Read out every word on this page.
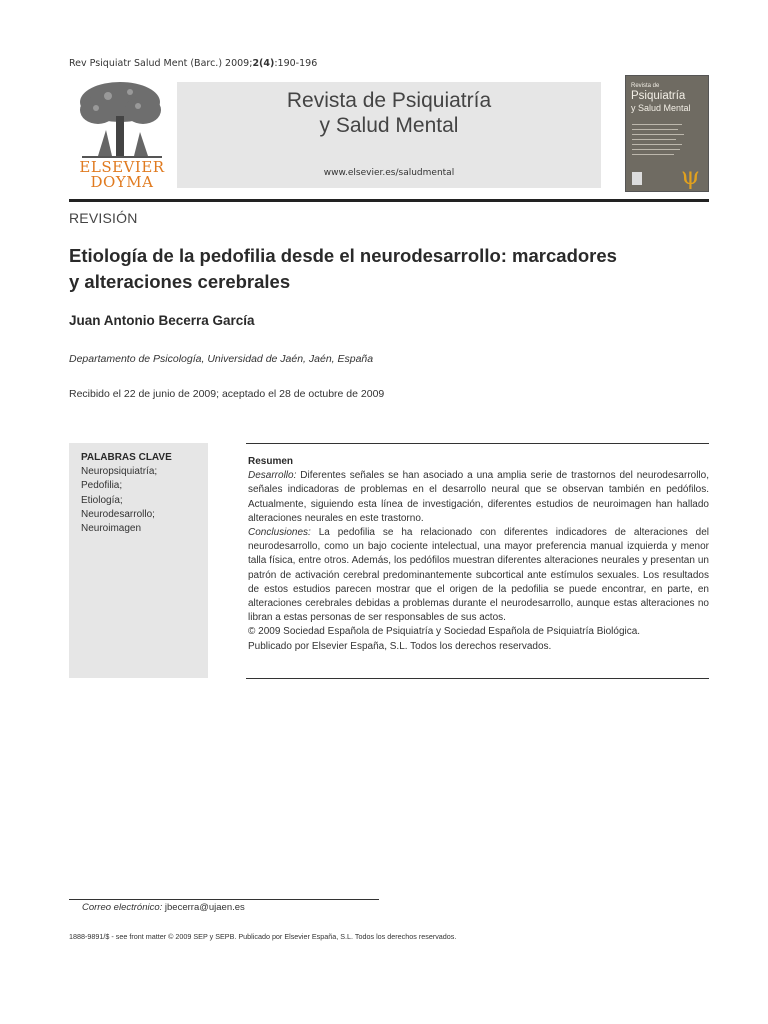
Rev Psiquiatr Salud Ment (Barc.) 2009;2(4):190-196
ELSEVIER
DOYMA
Revista de Psiquiatría
y Salud Mental
www.elsevier.es/saludmental
Revista de
Psiquiatría
y Salud Mental
ψ
REVISIÓN
Etiología de la pedofilia desde el neurodesarrollo: marcadores
y alteraciones cerebrales
Juan Antonio Becerra García
Departamento de Psicología, Universidad de Jaén, Jaén, España
Recibido el 22 de junio de 2009; aceptado el 28 de octubre de 2009
PALABRAS CLAVE
Neuropsiquiatría;
Pedofilia;
Etiología;
Neurodesarrollo;
Neuroimagen
Resumen

Desarrollo: Diferentes señales se han asociado a una amplia serie de trastornos del neurodesarrollo, señales indicadoras de problemas en el desarrollo neural que se observan también en pedófilos. Actualmente, siguiendo esta línea de investigación, diferentes estudios de neuroimagen han hallado alteraciones neurales en este trastorno.

Conclusiones: La pedofilia se ha relacionado con diferentes indicadores de alteraciones del neurodesarrollo, como un bajo cociente intelectual, una mayor preferencia manual izquierda y menor talla física, entre otros. Además, los pedófilos muestran diferentes alteraciones neurales y presentan un patrón de activación cerebral predominantemente subcortical ante estímulos sexuales. Los resultados de estos estudios parecen mostrar que el origen de la pedofilia se puede encontrar, en parte, en alteraciones cerebrales debidas a problemas durante el neurodesarrollo, aunque estas alteraciones no libran a estas personas de ser responsables de sus actos.

© 2009 Sociedad Española de Psiquiatría y Sociedad Española de Psiquiatría Biológica.

Publicado por Elsevier España, S.L. Todos los derechos reservados.

Correo electrónico: jbecerra@ujaen.es
1888-9891/$ - see front matter © 2009 SEP y SEPB. Publicado por Elsevier España, S.L. Todos los derechos reservados.
